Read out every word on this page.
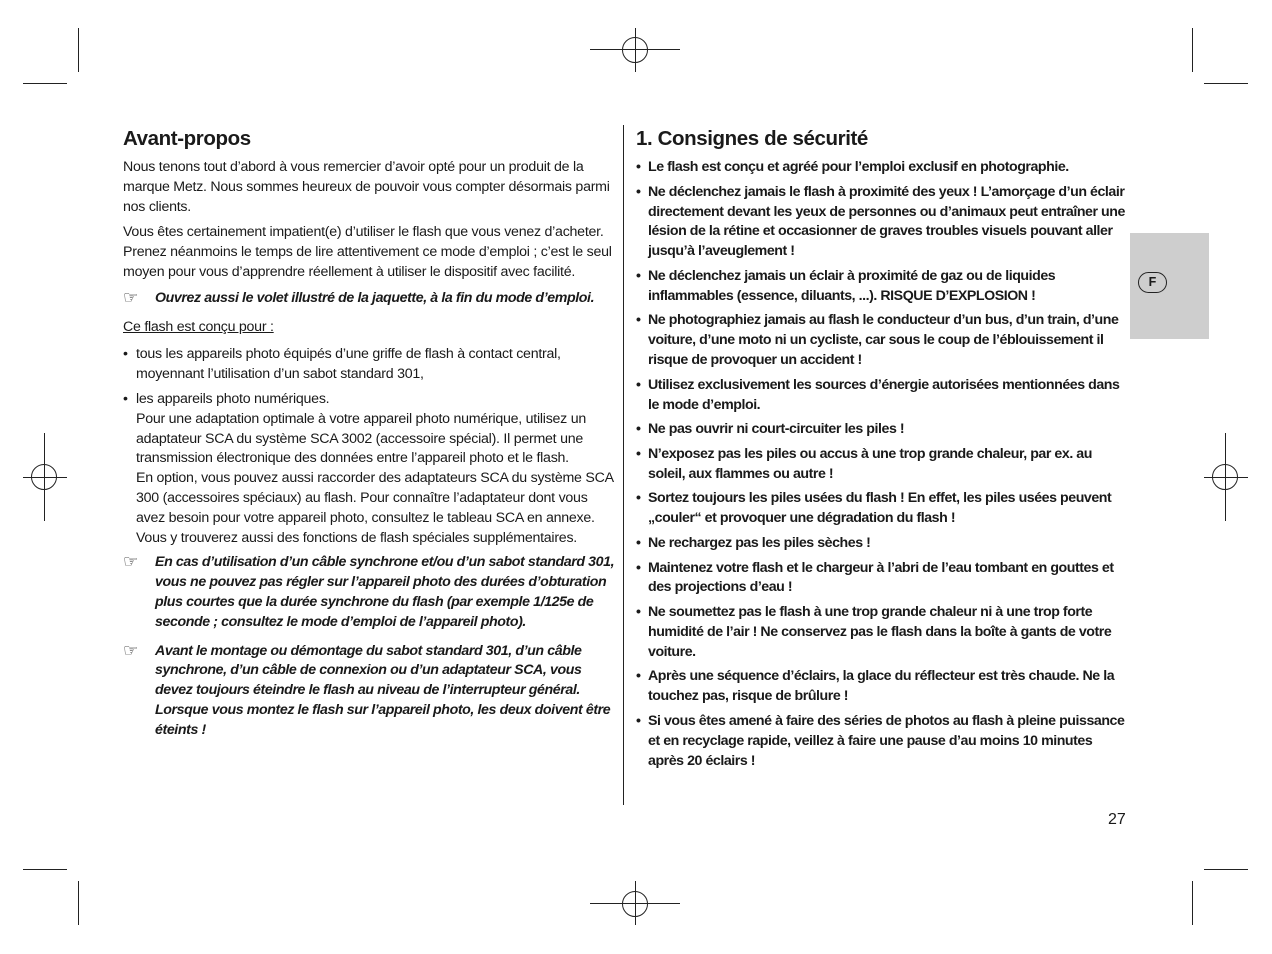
Avant-propos

Nous tenons tout d’abord à vous remercier d’avoir opté pour un produit de la marque Metz. Nous sommes heureux de pouvoir vous compter désormais parmi nos clients.

Vous êtes certainement impatient(e) d’utiliser le flash que vous venez d’acheter. Prenez néanmoins le temps de lire attentivement ce mode d’emploi ; c’est le seul moyen pour vous d’apprendre réellement à utiliser le dispositif avec facilité.

☞ Ouvrez aussi le volet illustré de la jaquette, à la fin du mode d’emploi.

Ce flash est conçu pour :

• tous les appareils photo équipés d’une griffe de flash à contact central, moyennant l’utilisation d’un sabot standard 301,
• les appareils photo numériques.
Pour une adaptation optimale à votre appareil photo numérique, utilisez un adaptateur SCA du système SCA 3002 (accessoire spécial). Il permet une transmission électronique des données entre l’appareil photo et le flash.
En option, vous pouvez aussi raccorder des adaptateurs SCA du système SCA 300 (accessoires spéciaux) au flash. Pour connaître l’adaptateur dont vous avez besoin pour votre appareil photo, consultez le tableau SCA en annexe. Vous y trouverez aussi des fonctions de flash spéciales supplémentaires.
☞ En cas d’utilisation d’un câble synchrone et/ou d’un sabot standard 301, vous ne pouvez pas régler sur l’appareil photo des durées d’obturation plus courtes que la durée synchrone du flash (par exemple 1/125e de seconde ; consultez le mode d’emploi de l’appareil photo).
☞ Avant le montage ou démontage du sabot standard 301, d’un câble synchrone, d’un câble de connexion ou d’un adaptateur SCA, vous devez toujours éteindre le flash au niveau de l’interrupteur général. Lorsque vous montez le flash sur l’appareil photo, les deux doivent être éteints !
1. Consignes de sécurité
• Le flash est conçu et agréé pour l’emploi exclusif en photographie.
• Ne déclenchez jamais le flash à proximité des yeux ! L’amorçage d’un éclair directement devant les yeux de personnes ou d’animaux peut entraîner une lésion de la rétine et occasionner de graves troubles visuels pouvant aller jusqu’à l’aveuglement !
• Ne déclenchez jamais un éclair à proximité de gaz ou de liquides inflammables (essence, diluants, ...). RISQUE D’EXPLOSION !
• Ne photographiez jamais au flash le conducteur d’un bus, d’un train, d’une voiture, d’une moto ni un cycliste, car sous le coup de l’éblouissement il risque de provoquer un accident !
• Utilisez exclusivement les sources d’énergie autorisées mentionnées dans le mode d’emploi.
• Ne pas ouvrir ni court-circuiter les piles !
• N’exposez pas les piles ou accus à une trop grande chaleur, par ex. au soleil, aux flammes ou autre !
• Sortez toujours les piles usées du flash ! En effet, les piles usées peuvent „couler“ et provoquer une dégradation du flash !
• Ne rechargez pas les piles sèches !
• Maintenez votre flash et le chargeur à l’abri de l’eau tombant en gouttes et des projections d’eau !
• Ne soumettez pas le flash à une trop grande chaleur ni à une trop forte humidité de l’air ! Ne conservez pas le flash dans la boîte à gants de votre voiture.
• Après une séquence d’éclairs, la glace du réflecteur est très chaude. Ne la touchez pas, risque de brûlure !
• Si vous êtes amené à faire des séries de photos au flash à pleine puissance et en recyclage rapide, veillez à faire une pause d’au moins 10 minutes après 20 éclairs !
F
27
